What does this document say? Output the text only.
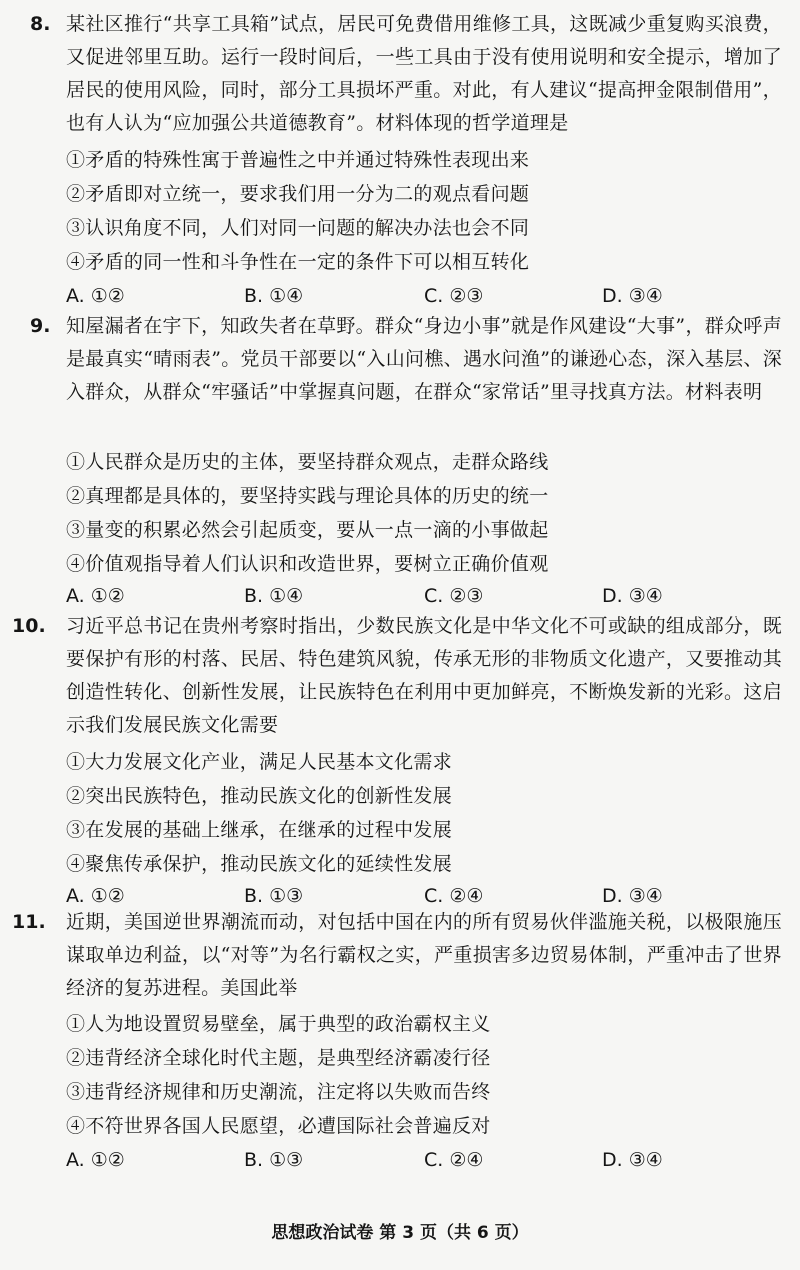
8. 某社区推行“共享工具箱”试点，居民可免费借用维修工具，这既减少重复购买浪费，又促进邻里互助。运行一段时间后，一些工具由于没有使用说明和安全提示，增加了居民的使用风险，同时，部分工具损坏严重。对此，有人建议“提高押金限制借用”，也有人认为“应加强公共道德教育”。材料体现的哲学道理是

①矛盾的特殊性寓于普遍性之中并通过特殊性表现出来
②矛盾即对立统一，要求我们用一分为二的观点看问题
③认识角度不同，人们对同一问题的解决办法也会不同
④矛盾的同一性和斗争性在一定的条件下可以相互转化
A. ①②	B. ①④	C. ②③	D. ③④
9. 知屋漏者在宇下，知政失者在草野。群众“身边小事”就是作风建设“大事”，群众呼声是最真实“晴雨表”。党员干部要以“入山问樵、遇水问渔”的谦逊心态，深入基层、深入群众，从群众“牢骚话”中掌握真问题，在群众“家常话”里寻找真方法。材料表明

①人民群众是历史的主体，要坚持群众观点，走群众路线
②真理都是具体的，要坚持实践与理论具体的历史的统一
③量变的积累必然会引起质变，要从一点一滴的小事做起
④价值观指导着人们认识和改造世界，要树立正确价值观
A. ①②	B. ①④	C. ②③	D. ③④
10. 习近平总书记在贵州考察时指出，少数民族文化是中华文化不可或缺的组成部分，既要保护有形的村落、民居、特色建筑风貌，传承无形的非物质文化遗产，又要推动其创造性转化、创新性发展，让民族特色在利用中更加鲜亮，不断焕发新的光彩。这启示我们发展民族文化需要

①大力发展文化产业，满足人民基本文化需求
②突出民族特色，推动民族文化的创新性发展
③在发展的基础上继承，在继承的过程中发展
④聚焦传承保护，推动民族文化的延续性发展
A. ①②	B. ①③	C. ②④	D. ③④
11. 近期，美国逆世界潮流而动，对包括中国在内的所有贸易伙伴滥施关税，以极限施压谋取单边利益，以“对等”为名行霸权之实，严重损害多边贸易体制，严重冲击了世界经济的复苏进程。美国此举

①人为地设置贸易壁垒，属于典型的政治霸权主义
②违背经济全球化时代主题，是典型经济霸凌行径
③违背经济规律和历史潮流，注定将以失败而告终
④不符世界各国人民愿望，必遭国际社会普遍反对
A. ①②	B. ①③	C. ②④	D. ③④
思想政治试卷 第 3 页（共 6 页）
